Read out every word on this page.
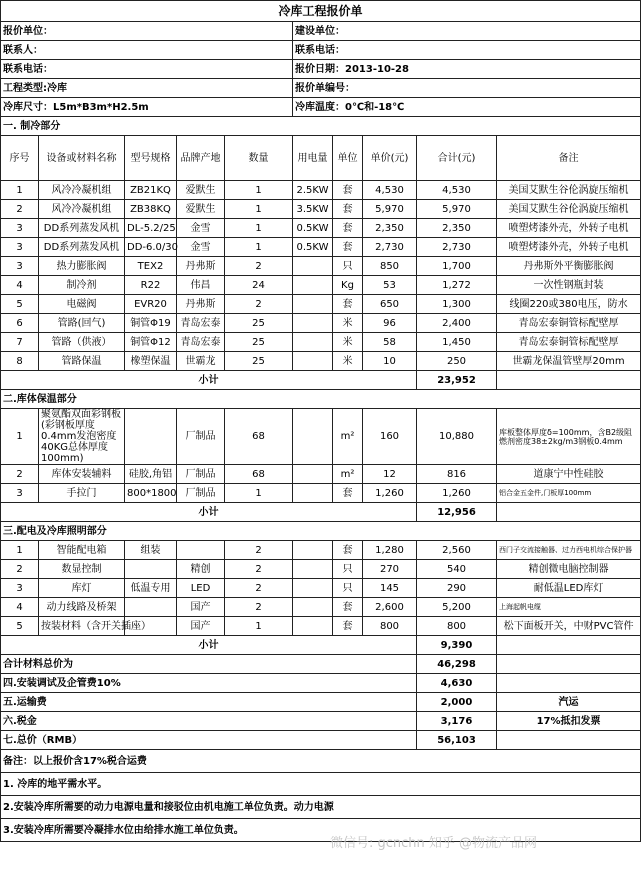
冷库工程报价单									
报价单位：					建设单位：				
联系人：					联系电话：				
联系电话：					报价日期：2013-10-28				
工程类型:冷库					报价单编号：				
冷库尺寸：L5m*B3m*H2.5m					冷库温度：0℃和-18℃				
一. 制冷部分									
序号	设备或材料名称	型号规格	品牌产地	数量	用电量	单位	单价(元)	合计(元)	备注
1	风冷冷凝机组	ZB21KQ	爱默生	1	2.5KW	套	4,530	4,530	美国艾默生谷伦涡旋压缩机
2	风冷冷凝机组	ZB38KQ	爱默生	1	3.5KW	套	5,970	5,970	美国艾默生谷伦涡旋压缩机
3	DD系列蒸发风机	DL-5.2/25	金雪	1	0.5KW	套	2,350	2,350	喷塑烤漆外壳，外转子电机
3	DD系列蒸发风机	DD-6.0/30	金雪	1	0.5KW	套	2,730	2,730	喷塑烤漆外壳，外转子电机
3	热力膨胀阀	TEX2	丹弗斯	2		只	850	1,700	丹弗斯外平衡膨胀阀
4	制冷剂	R22	伟昌	24		Kg	53	1,272	一次性钢瓶封装
5	电磁阀	EVR20	丹弗斯	2		套	650	1,300	线圈220或380电压，防水
6	管路(回气)	铜管Φ19	青岛宏泰	25		米	96	2,400	青岛宏泰铜管标配壁厚
7	管路（供液）	铜管Φ12	青岛宏泰	25		米	58	1,450	青岛宏泰铜管标配壁厚
8	管路保温	橡塑保温	世霸龙	25		米	10	250	世霸龙保温管壁厚20mm
小计								23,952	
二.库体保温部分									
1	聚氨酯双面彩钢板(彩钢板厚度0.4mm发泡密度40KG总体厚度100mm)		厂制品	68		m²	160	10,880	库板整体厚度δ=100mm，含B2级阻燃剂密度38±2kg/m3钢板0.4mm
2	库体安装辅料	硅胶,角铝	厂制品	68		m²	12	816	道康宁中性硅胶
3	手拉门	800*1800	厂制品	1		套	1,260	1,260	铝合金五金件,门板厚100mm
小计								12,956	
三.配电及冷库照明部分									
1	智能配电箱	组装		2		套	1,280	2,560	西门子交流接触器、过力西电机综合保护器
2	数显控制		精创	2		只	270	540	精创微电脑控制器
3	库灯	低温专用	LED	2		只	145	290	耐低温LED库灯
4	动力线路及桥架		国产	2		套	2,600	5,200	上海起帆电缆
5	按装材料（含开关插座）		国产	1		套	800	800	松下面板开关，中财PVC管件
小计								9,390	
合计材料总价为								46,298	
四.安装调试及企管费10%								4,630	
五.运输费								2,000	汽运
六.税金								3,176	17%抵扣发票
七.总价（RMB）								56,103	
备注：以上报价含17%税合运费									
1. 冷库的地平需水平。									
2.安装冷库所需要的动力电源电量和接驳位由机电施工单位负责。动力电源									
3.安装冷库所需要冷凝排水位由给排水施工单位负责。									
微信号: gcnchn 知乎 @物流产品网
